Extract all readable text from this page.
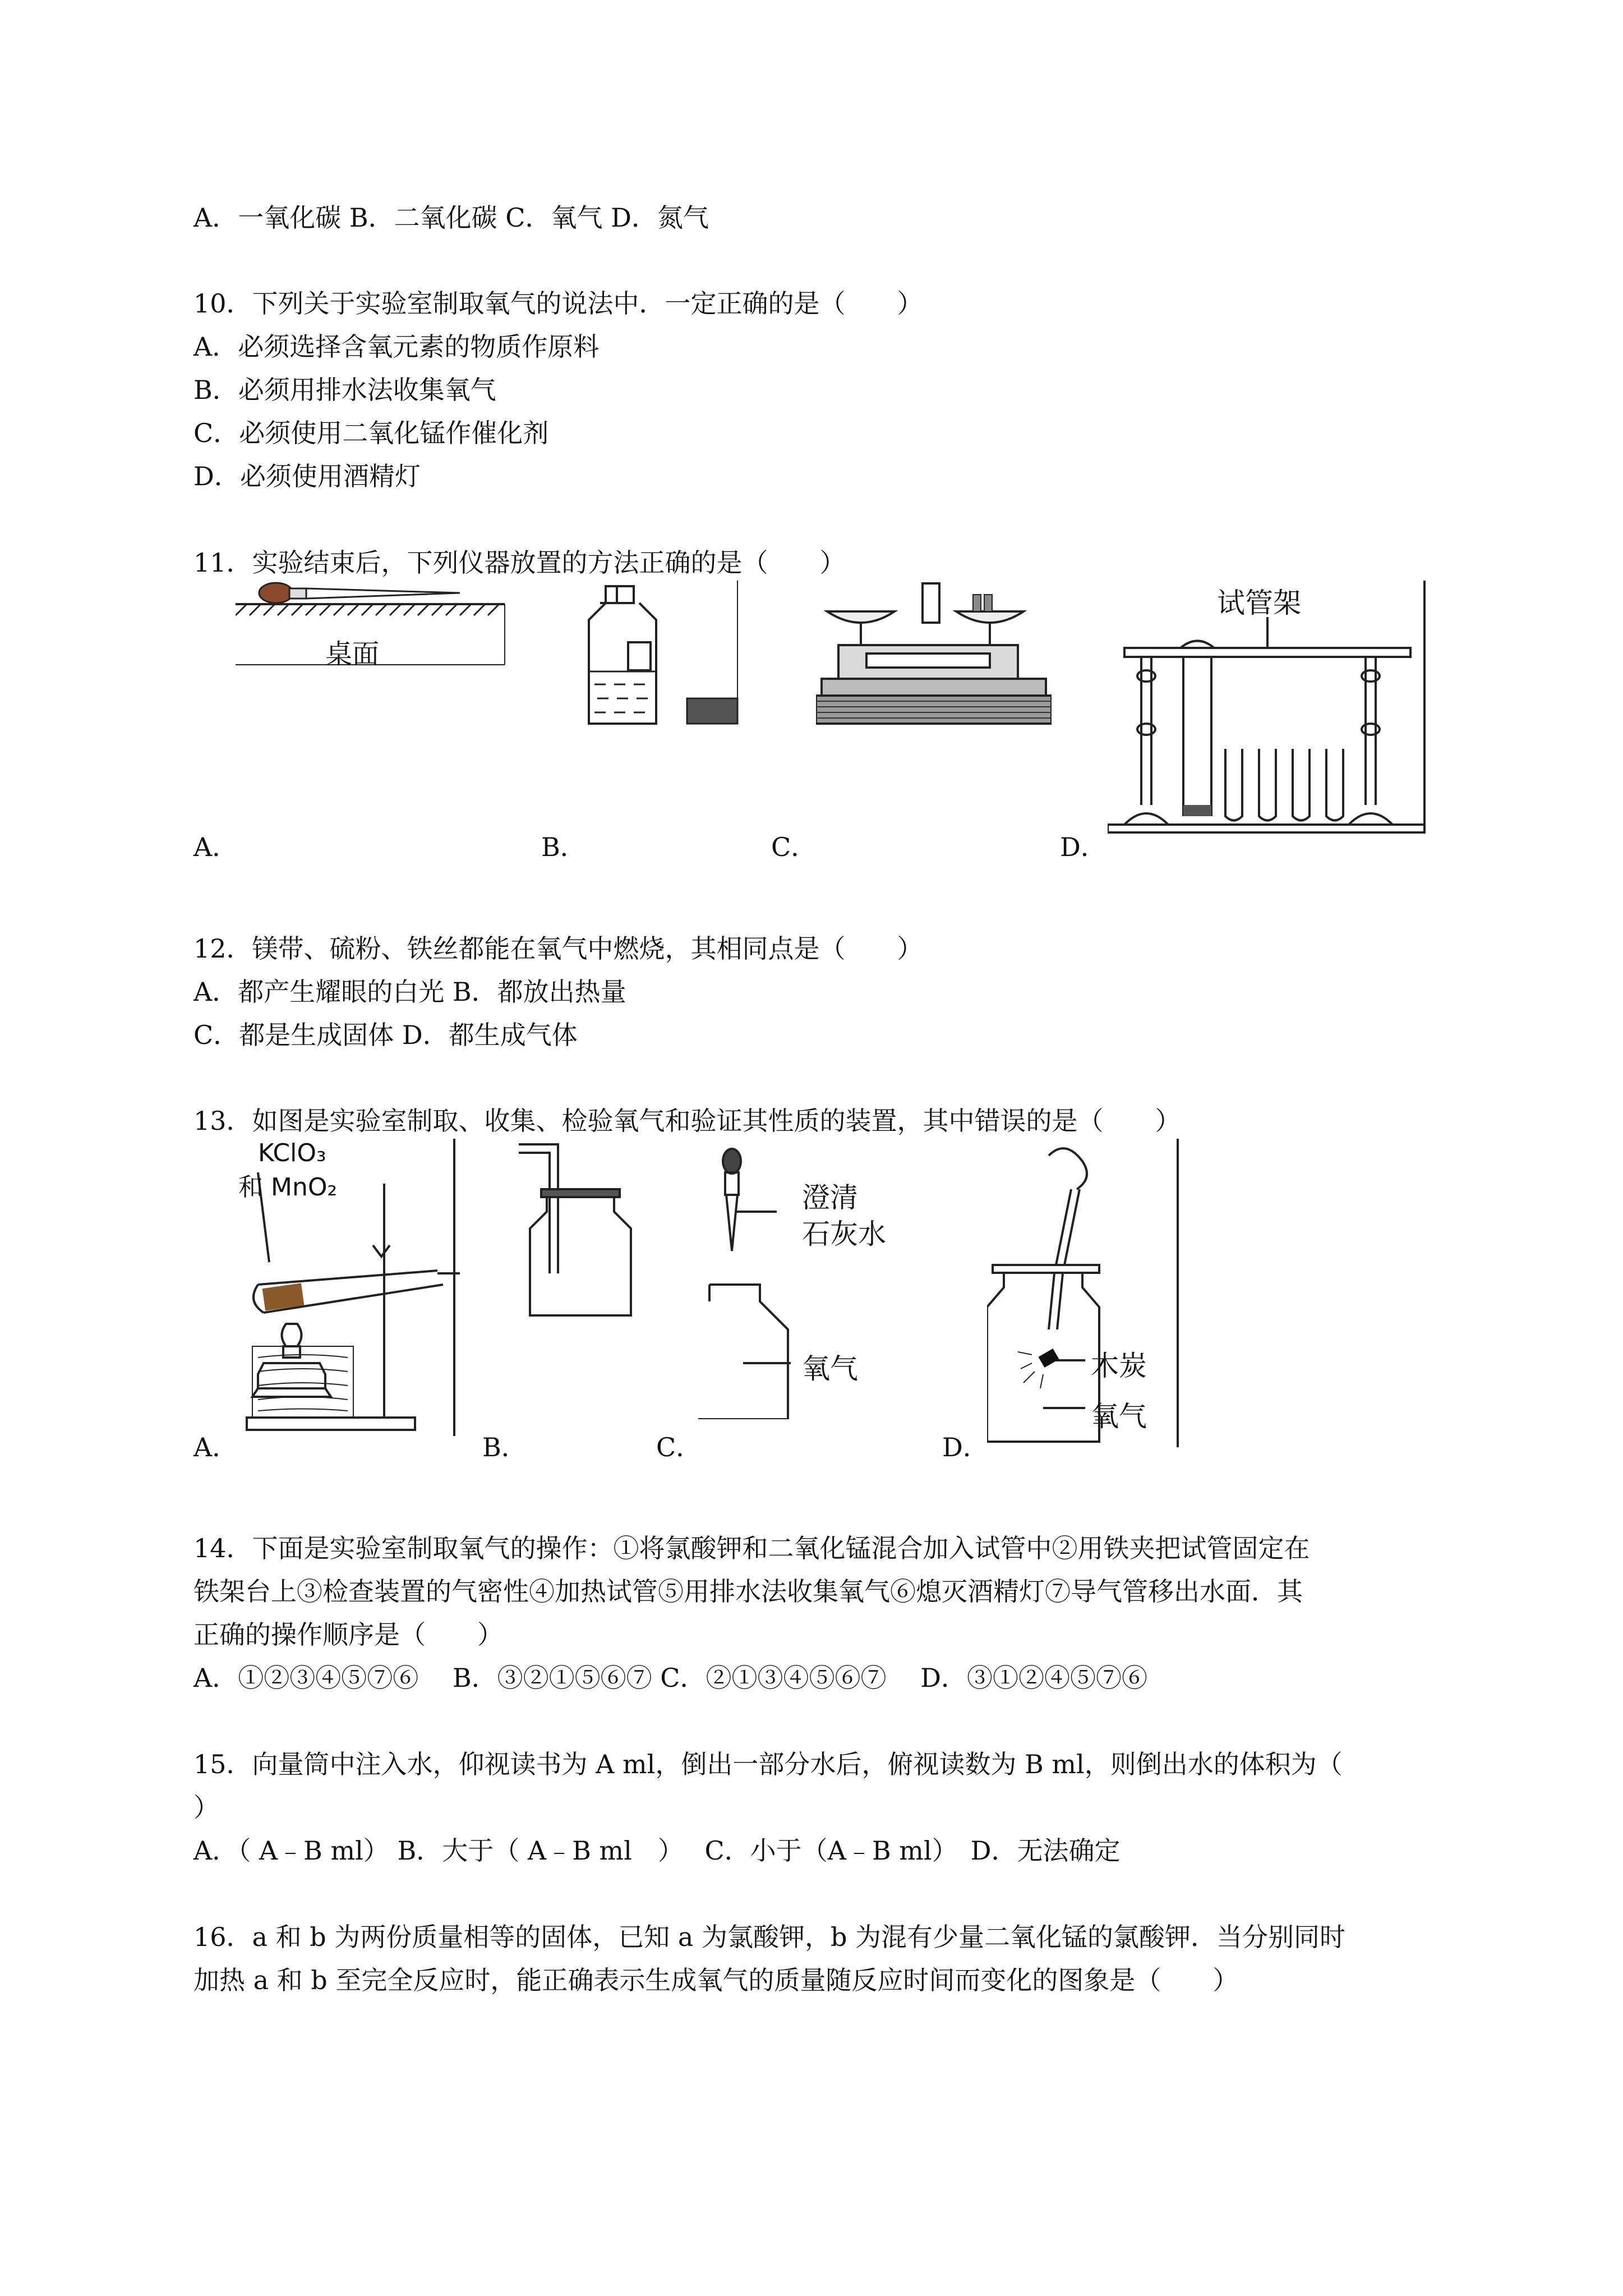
A．一氧化碳 B．二氧化碳 C．氧气 D．氮气
10．下列关于实验室制取氧气的说法中．一定正确的是（　　）
A．必须选择含氧元素的物质作原料
B．必须用排水法收集氧气
C．必须使用二氧化锰作催化剂
D．必须使用酒精灯
11．实验结束后，下列仪器放置的方法正确的是（　　）
桌面
试管架
A．	B．	C．	D．
12．镁带、硫粉、铁丝都能在氧气中燃烧，其相同点是（　　）
A．都产生耀眼的白光 B．都放出热量
C．都是生成固体 D．都生成气体
13．如图是实验室制取、收集、检验氧气和验证其性质的装置，其中错误的是（　　）
KClO₃
和 MnO₂	澄清
石灰水
氧气	木炭
氧气
A．	B．	C．	D．
14．下面是实验室制取氧气的操作：①将氯酸钾和二氧化锰混合加入试管中②用铁夹把试管固定在
铁架台上③检查装置的气密性④加热试管⑤用排水法收集氧气⑥熄灭酒精灯⑦导气管移出水面．其
正确的操作顺序是（　　）
A．①②③④⑤⑦⑥　 B．③②①⑤⑥⑦ C．②①③④⑤⑥⑦　 D．③①②④⑤⑦⑥
15．向量筒中注入水，仰视读书为 A ml，倒出一部分水后，俯视读数为 B ml，则倒出水的体积为（
）
A．（ A﹣B ml） B．大于（ A﹣B ml　）　 C．小于（A﹣B ml）　D．无法确定
16．a 和 b 为两份质量相等的固体，已知 a 为氯酸钾，b 为混有少量二氧化锰的氯酸钾．当分别同时
加热 a 和 b 至完全反应时，能正确表示生成氧气的质量随反应时间而变化的图象是（　　）
